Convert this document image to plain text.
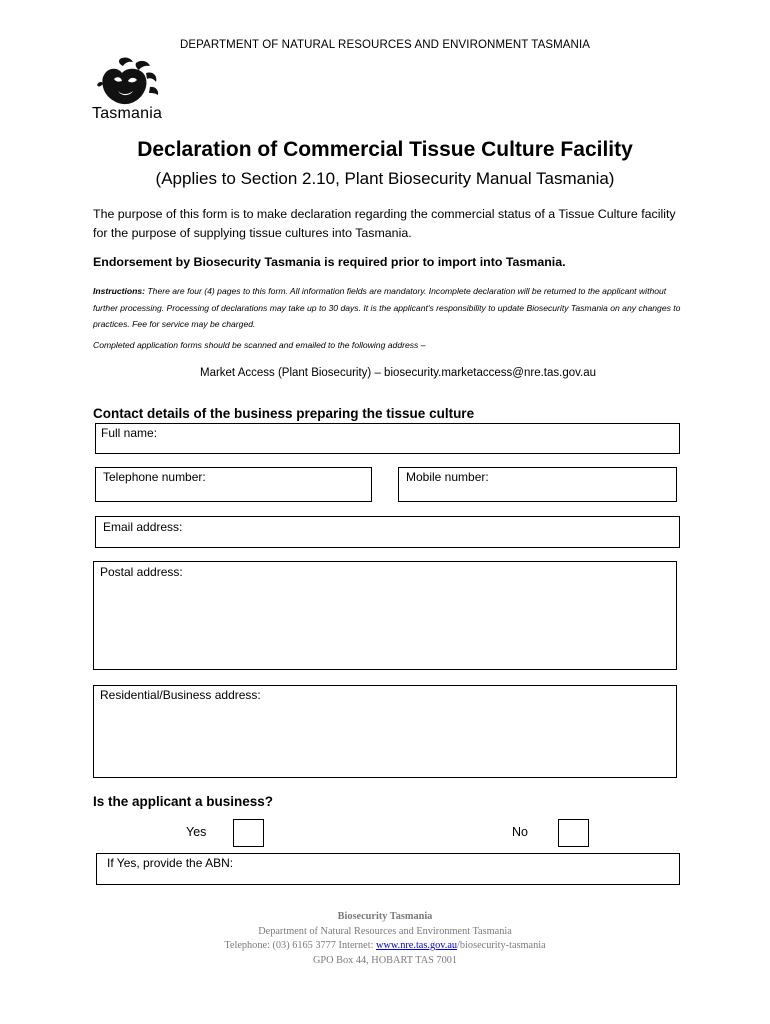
DEPARTMENT OF NATURAL RESOURCES AND ENVIRONMENT TASMANIA
Tasmania
Declaration of Commercial Tissue Culture Facility
(Applies to Section 2.10, Plant Biosecurity Manual Tasmania)
The purpose of this form is to make declaration regarding the commercial status of a Tissue Culture facility for the purpose of supplying tissue cultures into Tasmania.
Endorsement by Biosecurity Tasmania is required prior to import into Tasmania.
Instructions: There are four (4) pages to this form. All information fields are mandatory. Incomplete declaration will be returned to the applicant without further processing. Processing of declarations may take up to 30 days. It is the applicant's responsibility to update Biosecurity Tasmania on any changes to practices. Fee for service may be charged.
Completed application forms should be scanned and emailed to the following address –
Market Access (Plant Biosecurity) – biosecurity.marketaccess@nre.tas.gov.au
Contact details of the business preparing the tissue culture
Full name:
Telephone number:	Mobile number:
Email address:
Postal address:
Residential/Business address:
Is the applicant a business?
Yes	No
If Yes, provide the ABN:
Biosecurity Tasmania
Department of Natural Resources and Environment Tasmania
Telephone: (03) 6165 3777 Internet: www.nre.tas.gov.au/biosecurity-tasmania
GPO Box 44, HOBART TAS 7001
